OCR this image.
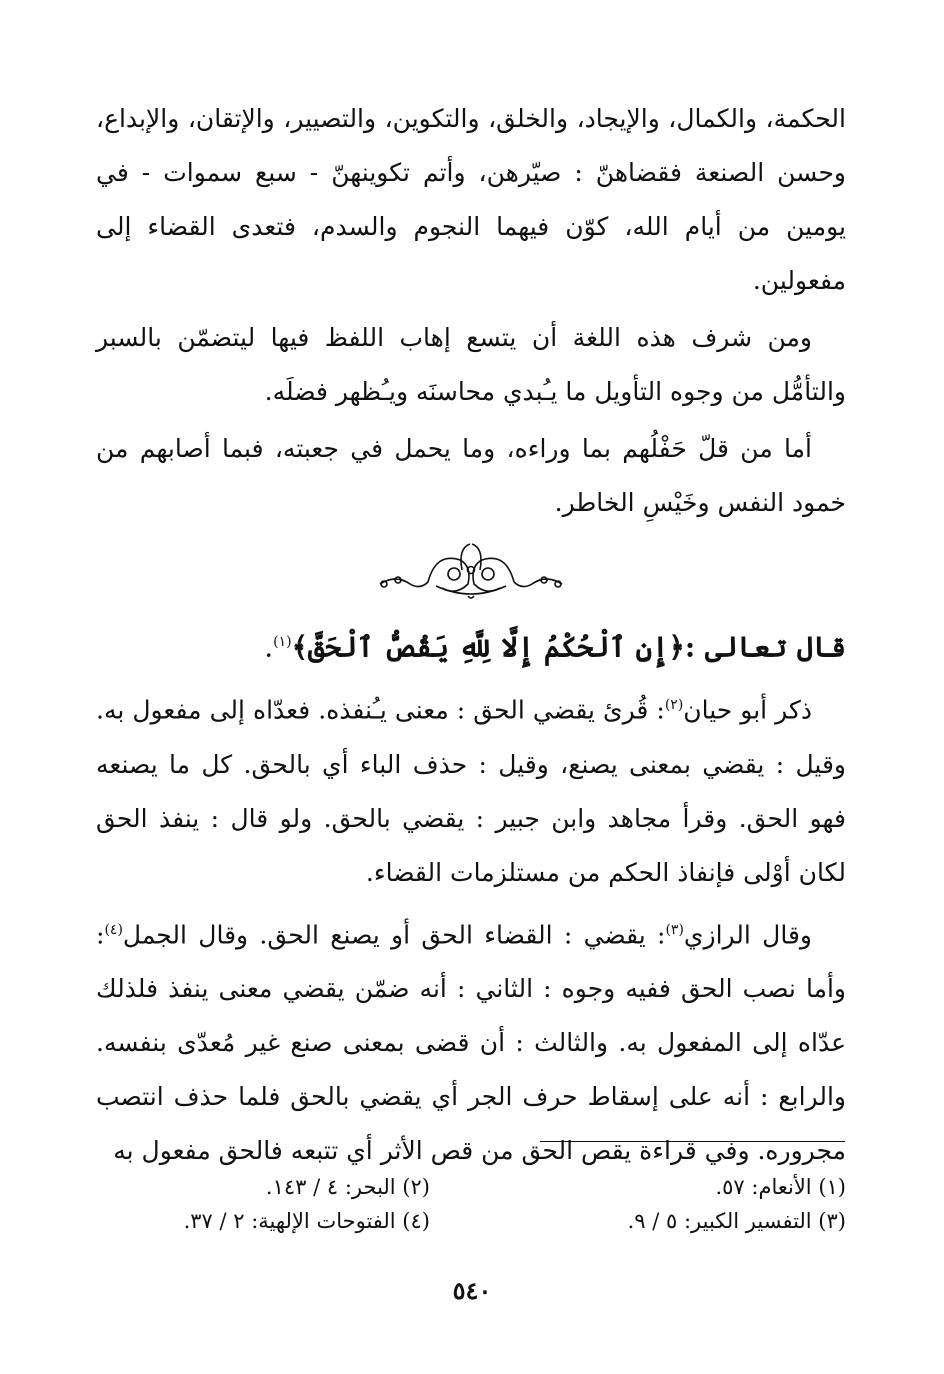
الحكمة، والكمال، والإيجاد، والخلق، والتكوين، والتصيير، والإتقان، والإبداع، وحسن الصنعة فقضاهنّ : صيّرهن، وأتم تكوينهنّ - سبع سموات - في يومين من أيام الله، كوّن فيهما النجوم والسدم، فتعدى القضاء إلى مفعولين.

ومن شرف هذه اللغة أن يتسع إهاب اللفظ فيها ليتضمّن بالسبر والتأمُّل من وجوه التأويل ما يـُبدي محاسنَه ويـُظهر فضلَه.

أما من قلّ حَفْلُهم بما وراءه، وما يحمل في جعبته، فبما أصابهم من خمود النفس وخَيْسِ الخاطر.

قال تعالى :﴿إِنِ ٱلْحُكْمُ إِلَّا لِلَّهِ يَقُصُّ ٱلْحَقَّ﴾$^{(١)}$.

ذكر أبو حيان$^{(٢)}$: قُرئ يقضي الحق : معنى يـُنفذه. فعدّاه إلى مفعول به. وقيل : يقضي بمعنى يصنع، وقيل : حذف الباء أي بالحق. كل ما يصنعه فهو الحق. وقرأ مجاهد وابن جبير : يقضي بالحق. ولو قال : ينفذ الحق لكان أوْلى فإنفاذ الحكم من مستلزمات القضاء.

وقال الرازي$^{(٣)}$: يقضي : القضاء الحق أو يصنع الحق. وقال الجمل$^{(٤)}$: وأما نصب الحق ففيه وجوه : الثاني : أنه ضمّن يقضي معنى ينفذ فلذلك عدّاه إلى المفعول به. والثالث : أن قضى بمعنى صنع غير مُعدّى بنفسه. والرابع : أنه على إسقاط حرف الجر أي يقضي بالحق فلما حذف انتصب مجروره. وفي قراءة يقص الحق من قص الأثر أي تتبعه فالحق مفعول به

(١) الأنعام: ٥٧.
(٢) البحر: ٤ / ١٤٣.
(٣) التفسير الكبير: ٥ / ٩.
(٤) الفتوحات الإلهية: ٢ / ٣٧.
٥٤٠
